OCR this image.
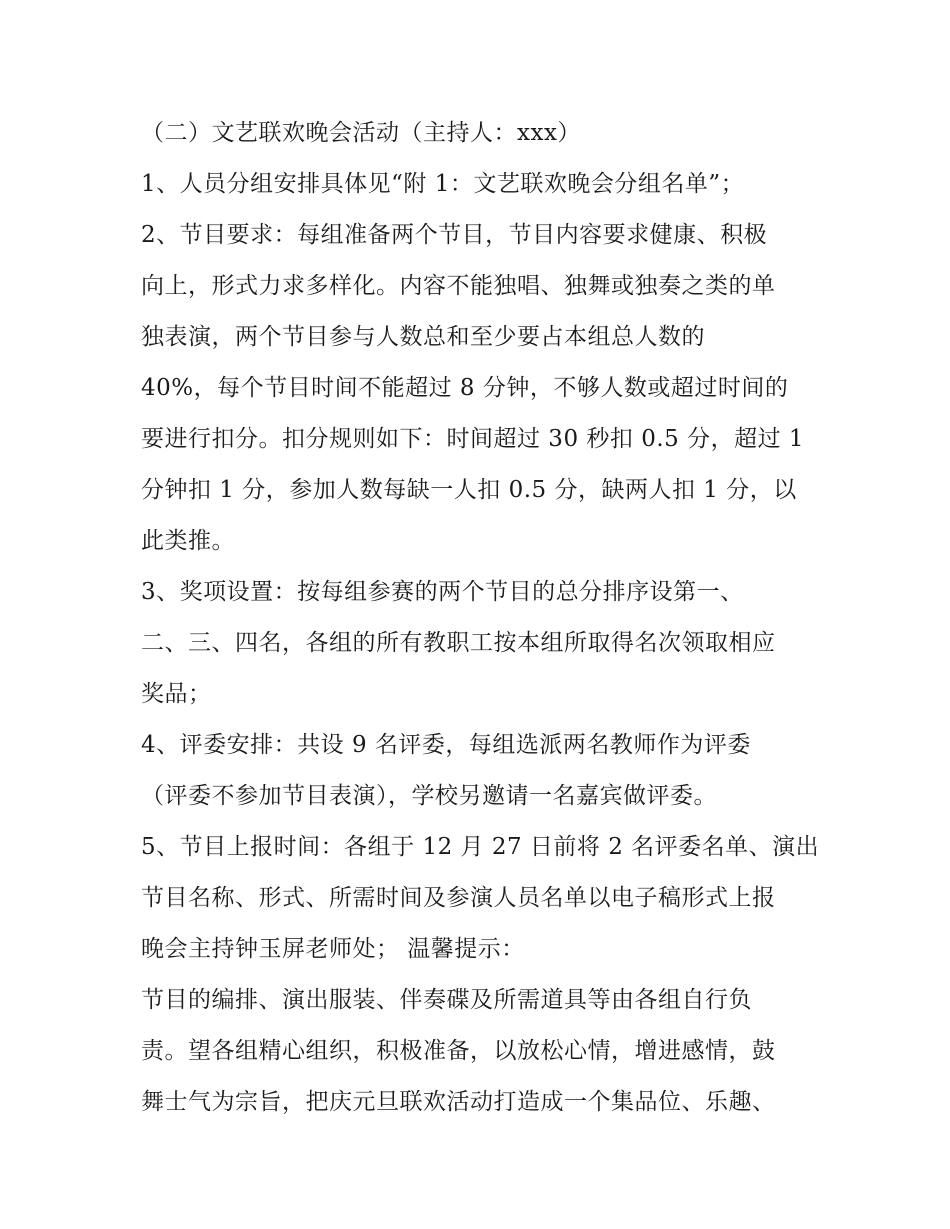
（二）文艺联欢晚会活动（主持人：xxx）
1、人员分组安排具体见“附 1：文艺联欢晚会分组名单”；
2、节目要求：每组准备两个节目，节目内容要求健康、积极
向上，形式力求多样化。内容不能独唱、独舞或独奏之类的单
独表演，两个节目参与人数总和至少要占本组总人数的
40%，每个节目时间不能超过 8 分钟，不够人数或超过时间的
要进行扣分。扣分规则如下：时间超过 30 秒扣 0.5 分，超过 1
分钟扣 1 分，参加人数每缺一人扣 0.5 分，缺两人扣 1 分，以
此类推。
3、奖项设置：按每组参赛的两个节目的总分排序设第一、
二、三、四名，各组的所有教职工按本组所取得名次领取相应
奖品；
4、评委安排：共设 9 名评委，每组选派两名教师作为评委
（评委不参加节目表演），学校另邀请一名嘉宾做评委。
5、节目上报时间：各组于 12 月 27 日前将 2 名评委名单、演出
节目名称、形式、所需时间及参演人员名单以电子稿形式上报
晚会主持钟玉屏老师处； 温馨提示：
节目的编排、演出服装、伴奏碟及所需道具等由各组自行负
责。望各组精心组织，积极准备，以放松心情，增进感情，鼓
舞士气为宗旨，把庆元旦联欢活动打造成一个集品位、乐趣、
